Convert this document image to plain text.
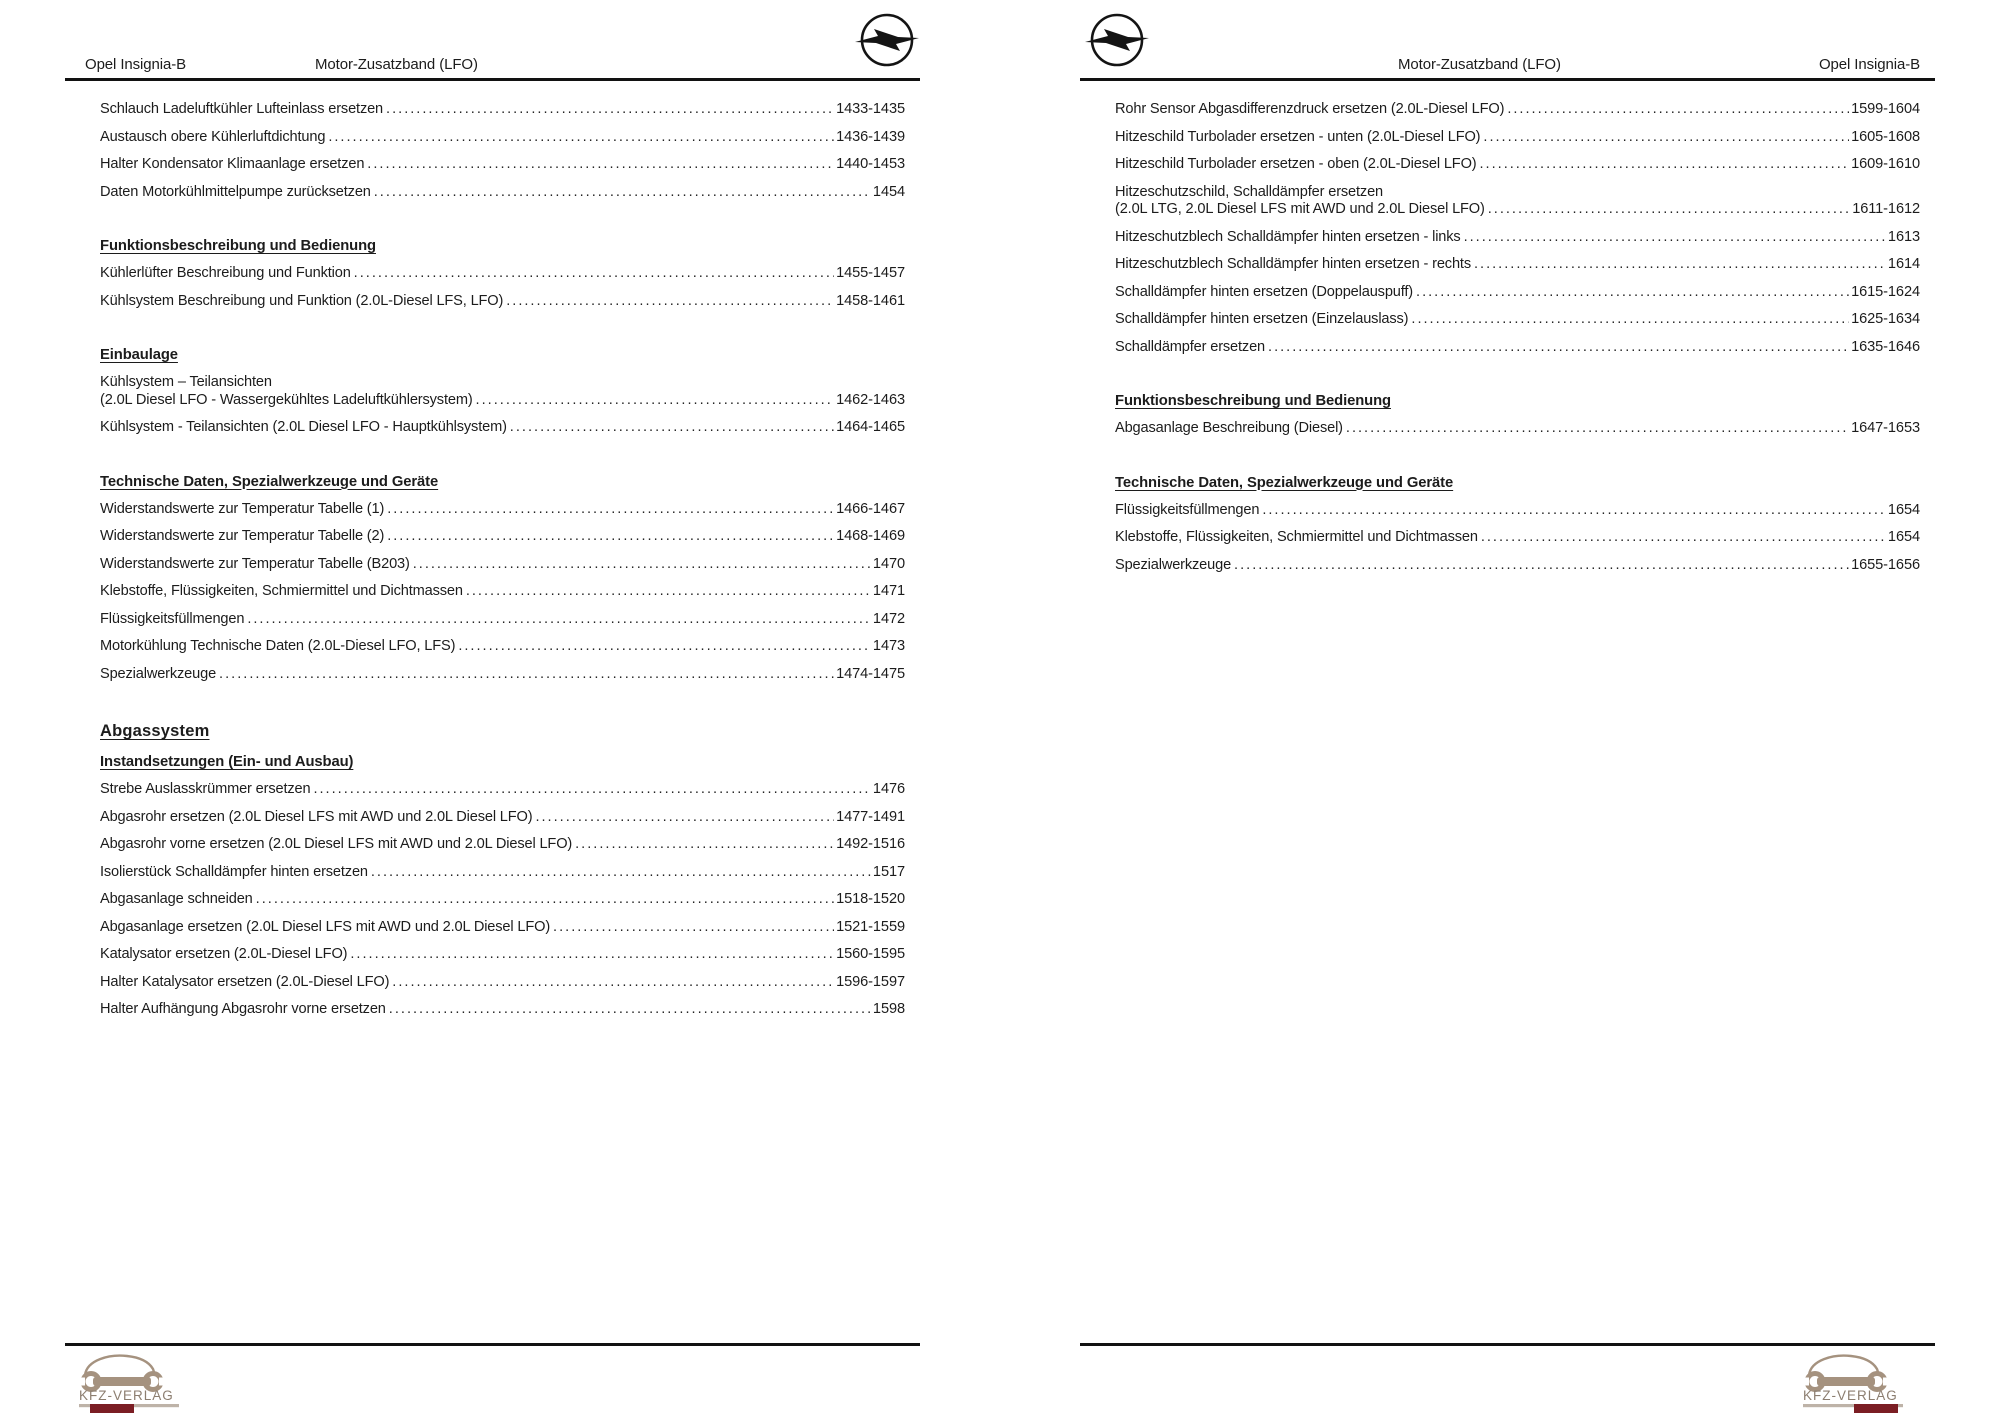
Opel Insignia-B	Motor-Zusatzband (LFO)
Schlauch Ladeluftkühler Lufteinlass ersetzen .....	1433-1435
Austausch obere Kühlerluftdichtung .....	1436-1439
Halter Kondensator Klimaanlage ersetzen .....	1440-1453
Daten Motorkühlmittelpumpe zurücksetzen .....	1454
Funktionsbeschreibung und Bedienung
Kühlerlüfter Beschreibung und Funktion .....	1455-1457
Kühlsystem Beschreibung und Funktion (2.0L-Diesel LFS, LFO) .....	1458-1461
Einbaulage
Kühlsystem – Teilansichten
(2.0L Diesel LFO - Wassergekühltes Ladeluftkühlersystem) .....	1462-1463
Kühlsystem - Teilansichten (2.0L Diesel LFO - Hauptkühlsystem) .....	1464-1465
Technische Daten, Spezialwerkzeuge und Geräte
Widerstandswerte zur Temperatur Tabelle (1) .....	1466-1467
Widerstandswerte zur Temperatur Tabelle (2) .....	1468-1469
Widerstandswerte zur Temperatur Tabelle (B203) .....	1470
Klebstoffe, Flüssigkeiten, Schmiermittel und Dichtmassen .....	1471
Flüssigkeitsfüllmengen .....	1472
Motorkühlung Technische Daten (2.0L-Diesel LFO, LFS) .....	1473
Spezialwerkzeuge .....	1474-1475
Abgassystem
Instandsetzungen (Ein- und Ausbau)
Strebe Auslasskrümmer ersetzen .....	1476
Abgasrohr ersetzen (2.0L Diesel LFS mit AWD und 2.0L Diesel LFO) .....	1477-1491
Abgasrohr vorne ersetzen (2.0L Diesel LFS mit AWD und 2.0L Diesel LFO) .....	1492-1516
Isolierstück Schalldämpfer hinten ersetzen .....	1517
Abgasanlage schneiden .....	1518-1520
Abgasanlage ersetzen (2.0L Diesel LFS mit AWD und 2.0L Diesel LFO) .....	1521-1559
Katalysator ersetzen (2.0L-Diesel LFO) .....	1560-1595
Halter Katalysator ersetzen (2.0L-Diesel LFO) .....	1596-1597
Halter Aufhängung Abgasrohr vorne ersetzen .....	1598
KFZ-VERLAG
Motor-Zusatzband (LFO)	Opel Insignia-B
Rohr Sensor Abgasdifferenzdruck ersetzen (2.0L-Diesel LFO) .....	1599-1604
Hitzeschild Turbolader ersetzen - unten (2.0L-Diesel LFO) .....	1605-1608
Hitzeschild Turbolader ersetzen - oben (2.0L-Diesel LFO) .....	1609-1610
Hitzeschutzschild, Schalldämpfer ersetzen
(2.0L LTG, 2.0L Diesel LFS mit AWD und 2.0L Diesel LFO) .....	1611-1612
Hitzeschutzblech Schalldämpfer hinten ersetzen - links .....	1613
Hitzeschutzblech Schalldämpfer hinten ersetzen - rechts .....	1614
Schalldämpfer hinten ersetzen (Doppelauspuff) .....	1615-1624
Schalldämpfer hinten ersetzen (Einzelauslass) .....	1625-1634
Schalldämpfer ersetzen .....	1635-1646
Funktionsbeschreibung und Bedienung
Abgasanlage Beschreibung (Diesel) .....	1647-1653
Technische Daten, Spezialwerkzeuge und Geräte
Flüssigkeitsfüllmengen .....	1654
Klebstoffe, Flüssigkeiten, Schmiermittel und Dichtmassen .....	1654
Spezialwerkzeuge .....	1655-1656
KFZ-VERLAG
